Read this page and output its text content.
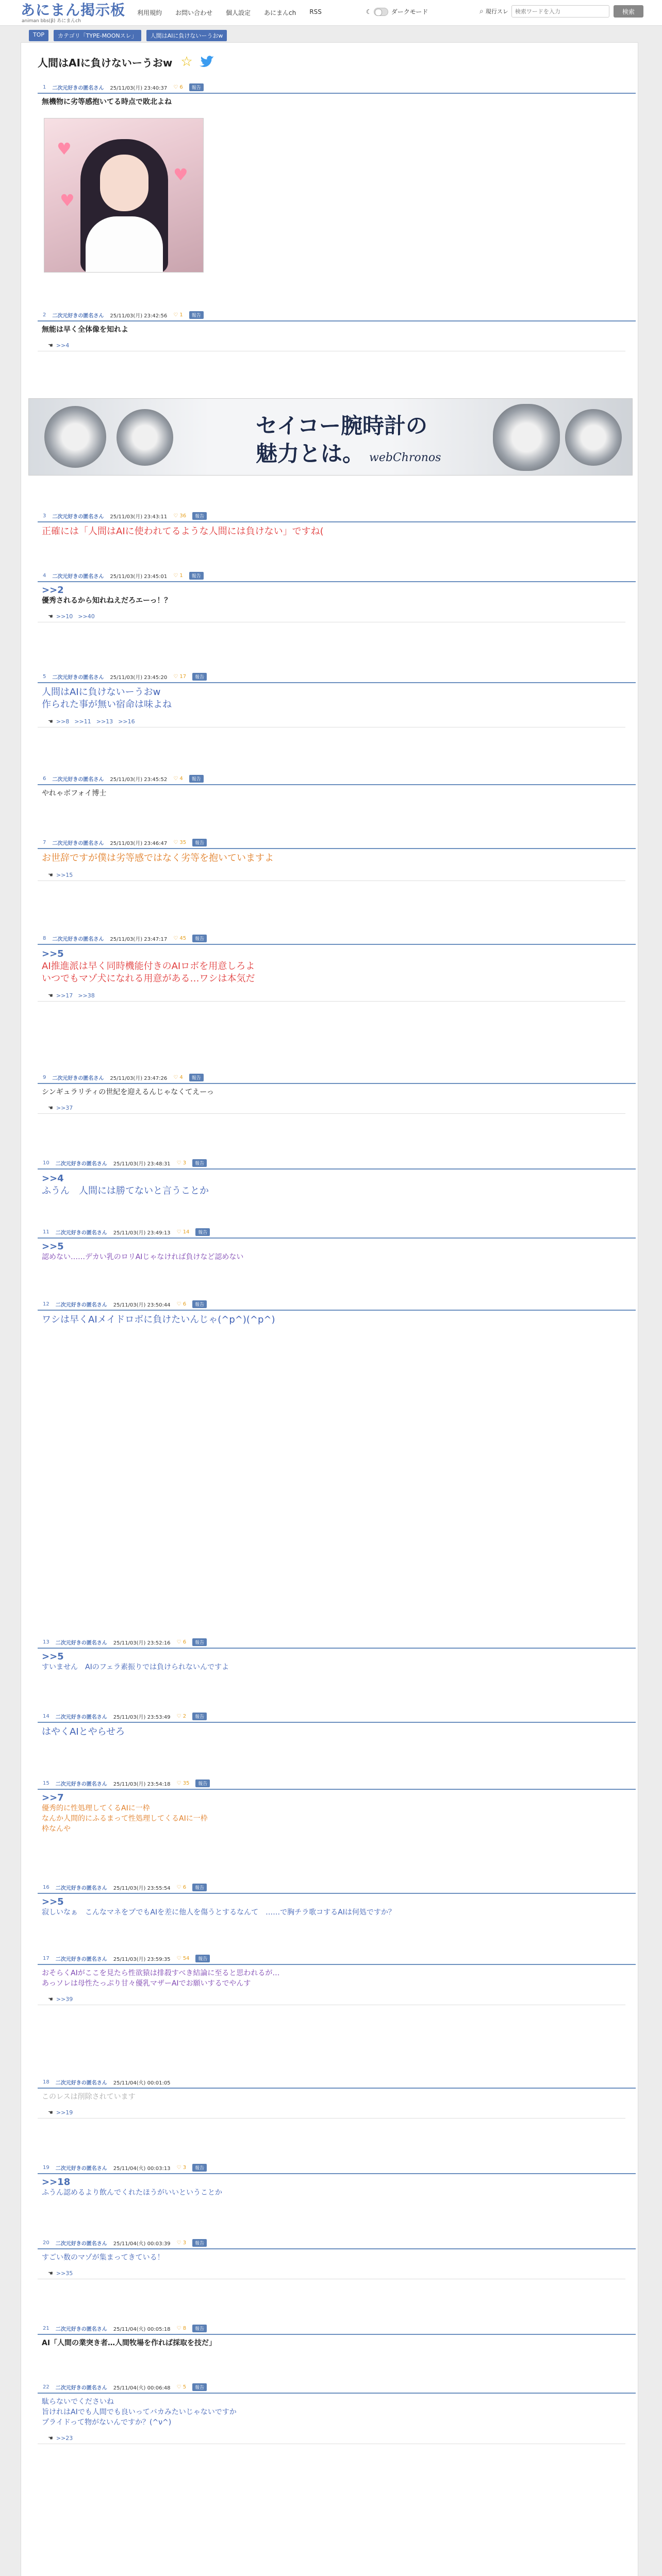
あにまん掲示板
animan bbs(β) あにまんch
利用規約 お問い合わせ 個人設定 あにまんch RSS	☾	ダークモード	⌕ 現行スレ
検索ワードを入力	検索
TOP	カテゴリ「TYPE-MOONスレ」	人間はAIに負けないーうおw
人間はAIに負けないーうおw ☆
♥
♥
♥
セイコー腕時計の
魅力とは。 webChronos
1 二次元好きの匿名さん 25/11/03(月) 23:40:37 ♡ 6	報告
無機物に劣等感抱いてる時点で敗北よね
2 二次元好きの匿名さん 25/11/03(月) 23:42:56 ♡ 1	報告
無能は早く全体像を知れよ
☚ >>4
3 二次元好きの匿名さん 25/11/03(月) 23:43:11 ♡ 36	報告
正確には「人間はAIに使われてるような人間には負けない」ですね(
4 二次元好きの匿名さん 25/11/03(月) 23:45:01 ♡ 1	報告
>>2
優秀されるから知れねえだろエーっ！？
☚ >>10 >>40
5 二次元好きの匿名さん 25/11/03(月) 23:45:20 ♡ 17	報告
人間はAIに負けないーうおw
作られた事が無い宿命は味よね
☚ >>8 >>11 >>13 >>16
6 二次元好きの匿名さん 25/11/03(月) 23:45:52 ♡ 4	報告
やれゃボフォイ博士
7 二次元好きの匿名さん 25/11/03(月) 23:46:47 ♡ 35	報告
お世辞ですが僕は劣等感ではなく劣等を抱いていますよ
☚ >>15
8 二次元好きの匿名さん 25/11/03(月) 23:47:17 ♡ 45	報告
>>5
AI推進派は早く同時機能付きのAIロボを用意しろよ
いつでもマゾ犬になれる用意がある…ワシは本気だ
☚ >>17 >>38
9 二次元好きの匿名さん 25/11/03(月) 23:47:26 ♡ 4	報告
シンギュラリティの世紀を迎えるんじゃなくてえーっ
☚ >>37
10 二次元好きの匿名さん 25/11/03(月) 23:48:31 ♡ 3	報告
>>4
ふうん　人間には勝てないと言うことか
11 二次元好きの匿名さん 25/11/03(月) 23:49:13 ♡ 14	報告
>>5
認めない……デカい乳のロリAIじゃなければ負けなど認めない
12 二次元好きの匿名さん 25/11/03(月) 23:50:44 ♡ 6	報告
ワシは早くAIメイドロボに負けたいんじゃ(^p^)(^p^)
13 二次元好きの匿名さん 25/11/03(月) 23:52:16 ♡ 6	報告
>>5
すいません　AIのフェラ素振りでは負けられないんですよ
14 二次元好きの匿名さん 25/11/03(月) 23:53:49 ♡ 2	報告
はやくAIとやらせろ
15 二次元好きの匿名さん 25/11/03(月) 23:54:18 ♡ 35	報告
>>7
優秀的に性処理してくるAIに一枠
なんか人間的にふるまって性処理してくるAIに一枠
枠なんや
16 二次元好きの匿名さん 25/11/03(月) 23:55:54 ♡ 6	報告
>>5
寂しいなぁ　こんなマネをプでもAIを差に他人を傷うとするなんて　……で胸チラ歌コするAIは何処ですか？
17 二次元好きの匿名さん 25/11/03(月) 23:59:35 ♡ 54	報告
おそらくAIがここを見たら性欲猿は排殺すべき結論に至ると思われるが…
あっソレは母性たっぷり甘々優乳マザーAIでお願いするでやんす
☚ >>39
18 二次元好きの匿名さん 25/11/04(火) 00:01:05
このレスは削除されています
☚ >>19
19 二次元好きの匿名さん 25/11/04(火) 00:03:13 ♡ 3	報告
>>18
ふうん認めるより飲んでくれたほうがいいということか
20 二次元好きの匿名さん 25/11/04(火) 00:03:39 ♡ 3	報告
すごい数のマゾが集まってきている！
☚ >>35
21 二次元好きの匿名さん 25/11/04(火) 00:05:18 ♡ 8	報告
AI「人間の業突き者…人間牧場を作れば採取を技だ」
22 二次元好きの匿名さん 25/11/04(火) 00:06:48 ♡ 5	報告
駄らないでくださいね
旨けれはAIでも人間でも良いってバカみたいじゃないですか
プライドって物がないんですか？(^ν^)
☚ >>23
